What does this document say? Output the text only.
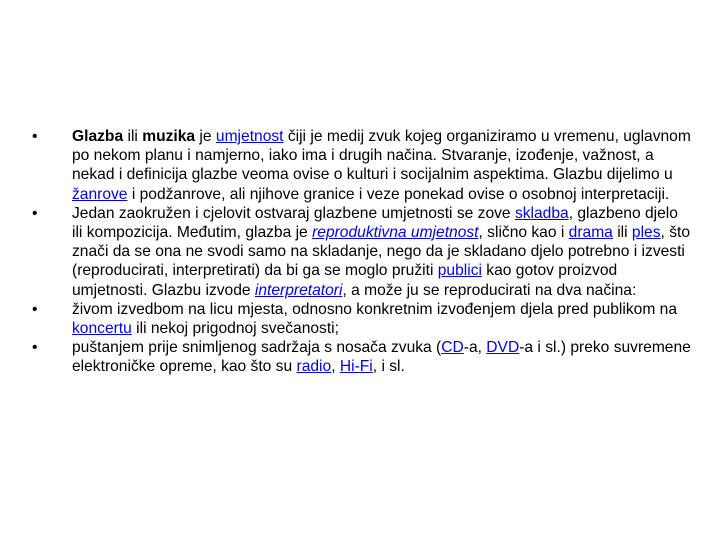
•	Glazba ili muzika je umjetnost čiji je medij zvuk kojeg organiziramo u vremenu, uglavnom po nekom planu i namjerno, iako ima i drugih načina. Stvaranje, izođenje, važnost, a nekad i definicija glazbe veoma ovise o kulturi i socijalnim aspektima. Glazbu dijelimo u žanrove i podžanrove, ali njihove granice i veze ponekad ovise o osobnoj interpretaciji.
•	Jedan zaokružen i cjelovit ostvaraj glazbene umjetnosti se zove skladba, glazbeno djelo ili kompozicija. Međutim, glazba je reproduktivna umjetnost, slično kao i drama ili ples, što znači da se ona ne svodi samo na skladanje, nego da je skladano djelo potrebno i izvesti (reproducirati, interpretirati) da bi ga se moglo pružiti publici kao gotov proizvod umjetnosti. Glazbu izvode interpretatori, a može ju se reproducirati na dva načina:
•	živom izvedbom na licu mjesta, odnosno konkretnim izvođenjem djela pred publikom na koncertu ili nekoj prigodnoj svečanosti;
•	puštanjem prije snimljenog sadržaja s nosača zvuka (CD-a, DVD-a i sl.) preko suvremene elektroničke opreme, kao što su radio, Hi-Fi, i sl.
